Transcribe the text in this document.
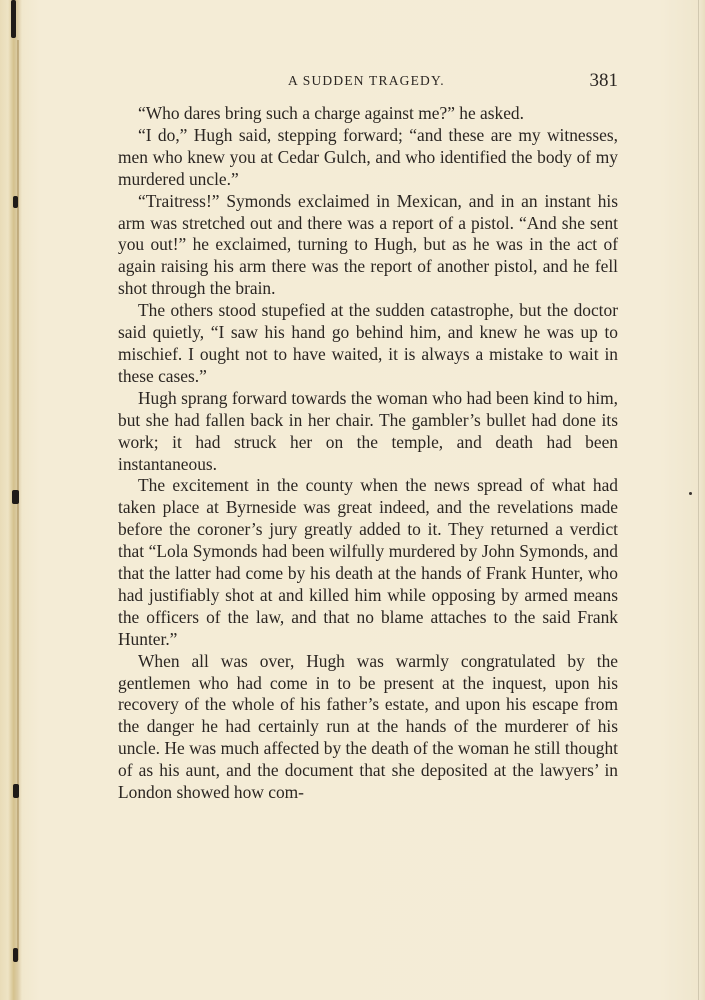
A SUDDEN TRAGEDY.	381

“Who dares bring such a charge against me?” he asked.

“I do,” Hugh said, stepping forward; “and these are my witnesses, men who knew you at Cedar Gulch, and who identified the body of my murdered uncle.”

“Traitress!” Symonds exclaimed in Mexican, and in an instant his arm was stretched out and there was a report of a pistol. “And she sent you out!” he exclaimed, turning to Hugh, but as he was in the act of again raising his arm there was the report of another pistol, and he fell shot through the brain.

The others stood stupefied at the sudden catastrophe, but the doctor said quietly, “I saw his hand go behind him, and knew he was up to mischief. I ought not to have waited, it is always a mistake to wait in these cases.”

Hugh sprang forward towards the woman who had been kind to him, but she had fallen back in her chair. The gambler’s bullet had done its work; it had struck her on the temple, and death had been instantaneous.

The excitement in the county when the news spread of what had taken place at Byrneside was great indeed, and the revelations made before the coroner’s jury greatly added to it. They returned a verdict that “Lola Symonds had been wilfully murdered by John Symonds, and that the latter had come by his death at the hands of Frank Hunter, who had justifiably shot at and killed him while opposing by armed means the officers of the law, and that no blame attaches to the said Frank Hunter.”

When all was over, Hugh was warmly congratulated by the gentlemen who had come in to be present at the inquest, upon his recovery of the whole of his father’s estate, and upon his escape from the danger he had certainly run at the hands of the murderer of his uncle. He was much affected by the death of the woman he still thought of as his aunt, and the document that she deposited at the lawyers’ in London showed how com-
